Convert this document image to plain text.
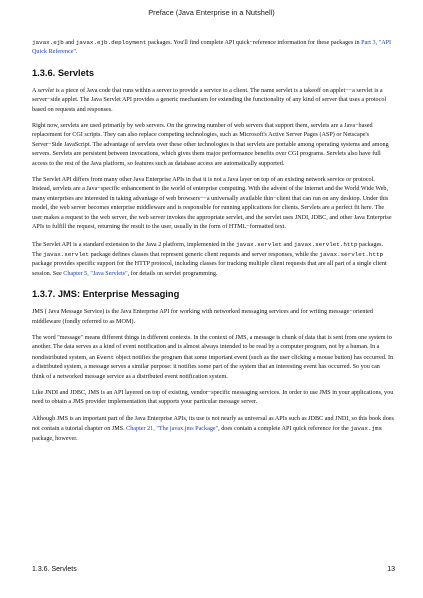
Preface (Java Enterprise in a Nutshell)

javax.ejb and javax.ejb.deployment packages. You'll find complete API quick−reference information for these packages in Part 3, "API Quick Reference".

1.3.6. Servlets

A servlet is a piece of Java code that runs within a server to provide a service to a client. The name servlet is a takeoff on applet−−a servlet is a server−side applet. The Java Servlet API provides a generic mechanism for extending the functionality of any kind of server that uses a protocol based on requests and responses.

Right now, servlets are used primarily by web servers. On the growing number of web servers that support them, servlets are a Java−based replacement for CGI scripts. They can also replace competing technologies, such as Microsoft's Active Server Pages (ASP) or Netscape's Server−Side JavaScript. The advantage of servlets over these other technologies is that servlets are portable among operating systems and among servers. Servlets are persistent between invocations, which gives them major performance benefits over CGI programs. Servlets also have full access to the rest of the Java platform, so features such as database access are automatically supported.

The Servlet API differs from many other Java Enterprise APIs in that it is not a Java layer on top of an existing network service or protocol. Instead, servlets are a Java−specific enhancement to the world of enterprise computing. With the advent of the Internet and the World Wide Web, many enterprises are interested in taking advantage of web browsers−−a universally available thin−client that can run on any desktop. Under this model, the web server becomes enterprise middleware and is responsible for running applications for clients. Servlets are a perfect fit here. The user makes a request to the web server, the web server invokes the appropriate servlet, and the servlet uses JNDI, JDBC, and other Java Enterprise APIs to fulfill the request, returning the result to the user, usually in the form of HTML−formatted text.

The Servlet API is a standard extension to the Java 2 platform, implemented in the javax.servlet and javax.servlet.http packages. The javax.servlet package defines classes that represent generic client requests and server responses, while the javax.servlet.http package provides specific support for the HTTP protocol, including classes for tracking multiple client requests that are all part of a single client session. See Chapter 5, "Java Servlets", for details on servlet programming.

1.3.7. JMS: Enterprise Messaging

JMS ( Java Message Service) is the Java Enterprise API for working with networked messaging services and for writing message−oriented middleware (fondly referred to as MOM).

The word "message" means different things in different contexts. In the context of JMS, a message is chunk of data that is sent from one system to another. The data serves as a kind of event notification and is almost always intended to be read by a computer program, not by a human. In a nondistributed system, an Event object notifies the program that some important event (such as the user clicking a mouse button) has occurred. In a distributed system, a message serves a similar purpose: it notifies some part of the system that an interesting event has occurred. So you can think of a networked message service as a distributed event notification system.

Like JNDI and JDBC, JMS is an API layered on top of existing, vendor−specific messaging services. In order to use JMS in your applications, you need to obtain a JMS provider implementation that supports your particular message server.

Although JMS is an important part of the Java Enterprise APIs, its use is not nearly as universal as APIs such as JDBC and JNDI, so this book does not contain a tutorial chapter on JMS. Chapter 21, "The javax.jms Package", does contain a complete API quick reference for the javax.jms package, however.

1.3.6. Servlets	13
